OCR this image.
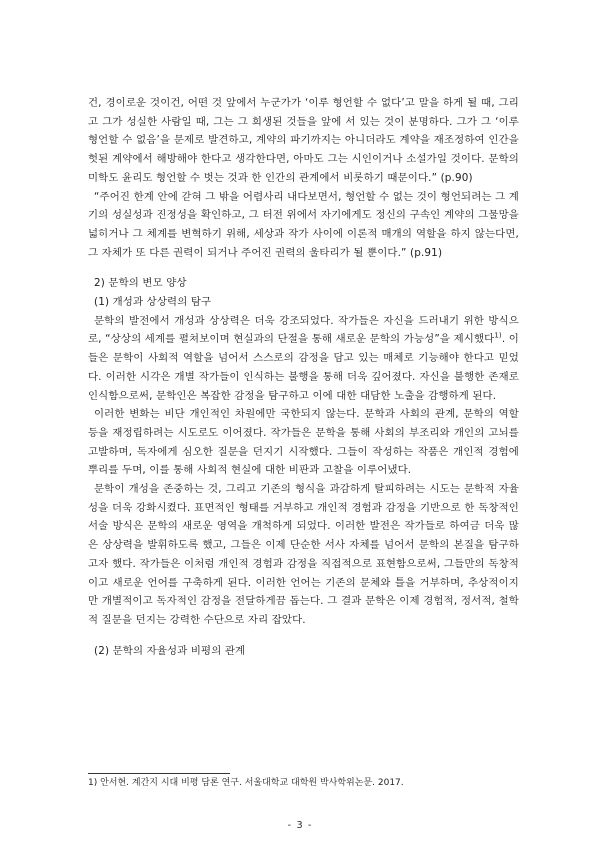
건, 경이로운 것이건, 어떤 것 앞에서 누군가가 ‘이루 형언할 수 없다’고 말을 하게 될 때, 그리고 그가 성실한 사람일 때, 그는 그 희생된 것들을 앞에 서 있는 것이 분명하다. 그가 그 ‘이루 형언할 수 없음’을 문제로 발견하고, 계약의 파기까지는 아니더라도 계약을 재조정하여 인간을 헛된 계약에서 해방해야 한다고 생각한다면, 아마도 그는 시인이거나 소설가일 것이다. 문학의 미학도 윤리도 형언할 수 벗는 것과 한 인간의 관계에서 비롯하기 때문이다.” (p.90)

“주어진 한계 안에 갇혀 그 밖을 어렴사리 내다보면서, 형언할 수 없는 것이 형언되려는 그 계기의 성실성과 진정성을 확인하고, 그 터전 위에서 자기에게도 정신의 구속인 계약의 그물망을 넓히거나 그 체계를 변혁하기 위해, 세상과 작가 사이에 이론적 매개의 역할을 하지 않는다면, 그 자체가 또 다른 권력이 되거나 주어진 권력의 울타리가 될 뿐이다.” (p.91)

2) 문학의 변모 양상

(1) 개성과 상상력의 탐구

문학의 발전에서 개성과 상상력은 더욱 강조되었다. 작가들은 자신을 드러내기 위한 방식으로, “상상의 세계를 펼쳐보이며 현실과의 단절을 통해 새로운 문학의 가능성”을 제시했다$^{1)}$. 이들은 문학이 사회적 역할을 넘어서 스스로의 감정을 담고 있는 매체로 기능해야 한다고 믿었다. 이러한 시각은 개별 작가들이 인식하는 불행을 통해 더욱 깊어졌다. 자신을 불행한 존재로 인식함으로써, 문학인은 복잡한 감정을 탐구하고 이에 대한 대담한 노출을 감행하게 된다.

이러한 변화는 비단 개인적인 차원에만 국한되지 않는다. 문학과 사회의 관계, 문학의 역할 등을 재정립하려는 시도로도 이어졌다. 작가들은 문학을 통해 사회의 부조리와 개인의 고뇌를 고발하며, 독자에게 심오한 질문을 던지기 시작했다. 그들이 작성하는 작품은 개인적 경험에 뿌리를 두며, 이를 통해 사회적 현실에 대한 비판과 고찰을 이루어냈다.

문학이 개성을 존중하는 것, 그리고 기존의 형식을 과감하게 탈피하려는 시도는 문학적 자율성을 더욱 강화시켰다. 표면적인 형태를 거부하고 개인적 경험과 감정을 기반으로 한 독창적인 서술 방식은 문학의 새로운 영역을 개척하게 되었다. 이러한 발전은 작가들로 하여금 더욱 많은 상상력을 발휘하도록 했고, 그들은 이제 단순한 서사 자체를 넘어서 문학의 본질을 탐구하고자 했다. 작가들은 이처럼 개인적 경험과 감정을 직접적으로 표현함으로써, 그들만의 독창적이고 새로운 언어를 구축하게 된다. 이러한 언어는 기존의 문체와 틀을 거부하며, 추상적이지만 개별적이고 독자적인 감정을 전달하게끔 돕는다. 그 결과 문학은 이제 경험적, 정서적, 철학적 질문을 던지는 강력한 수단으로 자리 잡았다.

(2) 문학의 자율성과 비평의 관계

1) 안서현. 계간지 시대 비평 담론 연구. 서울대학교 대학원 박사학위논문. 2017.
- 3 -
